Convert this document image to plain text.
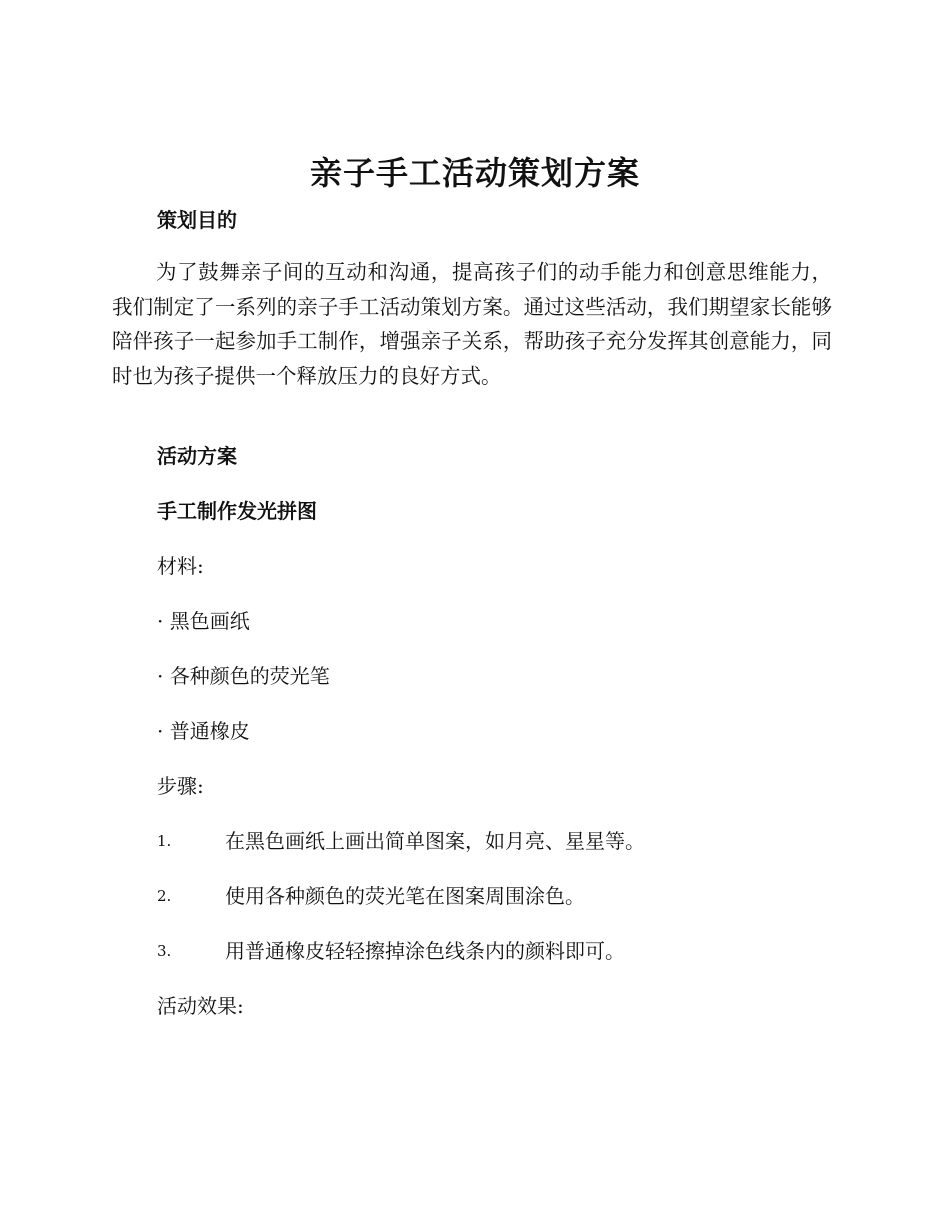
亲子手工活动策划方案
策划目的
为了鼓舞亲子间的互动和沟通，提高孩子们的动手能力和创意思维能力，我们制定了一系列的亲子手工活动策划方案。通过这些活动，我们期望家长能够陪伴孩子一起参加手工制作，增强亲子关系，帮助孩子充分发挥其创意能力，同时也为孩子提供一个释放压力的良好方式。
活动方案
手工制作发光拼图
材料:
· 黑色画纸
· 各种颜色的荧光笔
· 普通橡皮
步骤:
1.	在黑色画纸上画出简单图案，如月亮、星星等。
2.	使用各种颜色的荧光笔在图案周围涂色。
3.	用普通橡皮轻轻擦掉涂色线条内的颜料即可。
活动效果:
